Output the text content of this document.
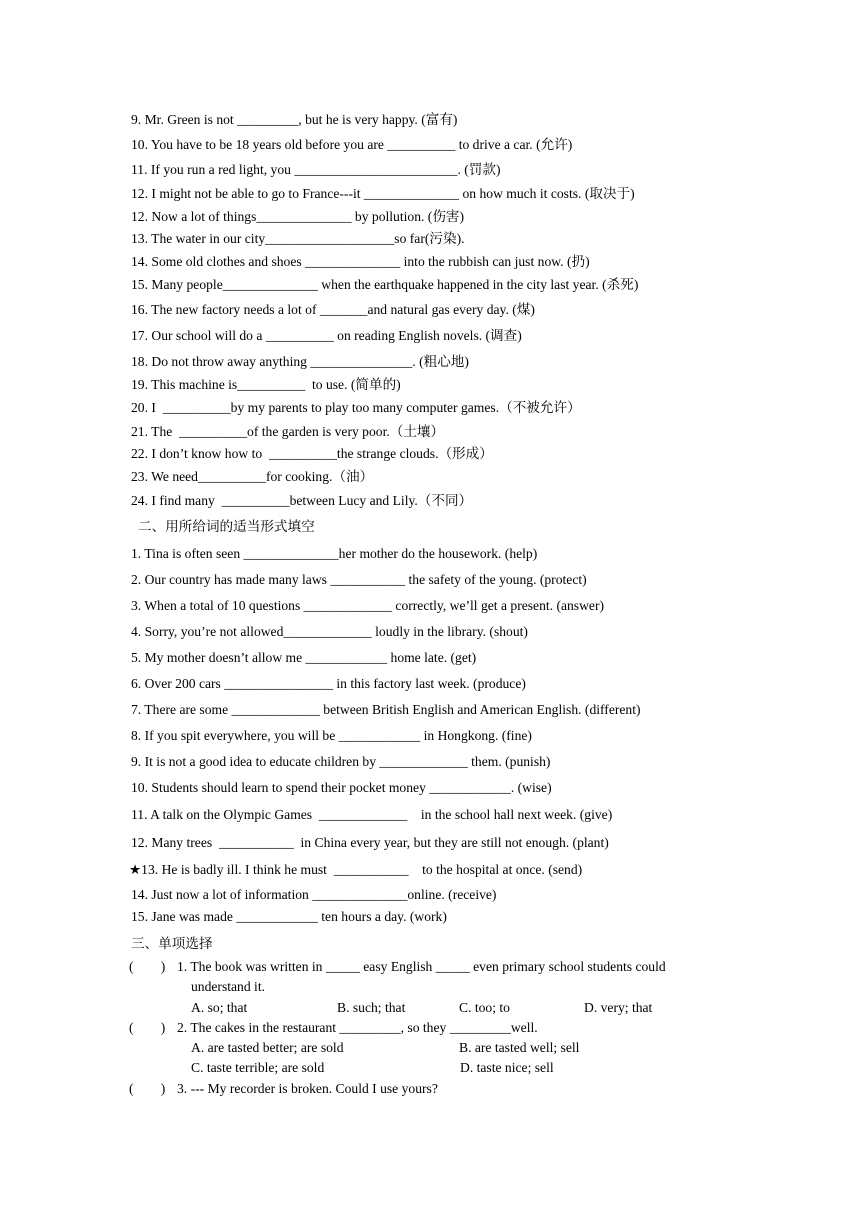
9. Mr. Green is not _________, but he is very happy. (富有)
10. You have to be 18 years old before you are __________ to drive a car. (允许)
11. If you run a red light, you ________________________. (罚款)
12. I might not be able to go to France---it ______________ on how much it costs. (取决于)
12. Now a lot of things______________ by pollution. (伤害)
13. The water in our city___________________so far(污染).
14. Some old clothes and shoes ______________ into the rubbish can just now. (扔)
15. Many people______________ when the earthquake happened in the city last year. (杀死)
16. The new factory needs a lot of _______and natural gas every day. (煤)
17. Our school will do a __________ on reading English novels. (调查)
18. Do not throw away anything _______________. (粗心地)
19. This machine is__________  to use. (简单的)
20. I  __________by my parents to play too many computer games.（不被允许）
21. The  __________of the garden is very poor.（土壤）
22. I don’t know how to  __________the strange clouds.（形成）
23. We need__________for cooking.（油）
24. I find many  __________between Lucy and Lily.（不同）
二、用所给词的适当形式填空
1. Tina is often seen ______________her mother do the housework. (help)
2. Our country has made many laws ___________ the safety of the young. (protect)
3. When a total of 10 questions _____________ correctly, we’ll get a present. (answer)
4. Sorry, you’re not allowed_____________ loudly in the library. (shout)
5. My mother doesn’t allow me ____________ home late. (get)
6. Over 200 cars ________________ in this factory last week. (produce)
7. There are some _____________ between British English and American English. (different)
8. If you spit everywhere, you will be ____________ in Hongkong. (fine)
9. It is not a good idea to educate children by _____________ them. (punish)
10. Students should learn to spend their pocket money ____________. (wise)
11. A talk on the Olympic Games  _____________    in the school hall next week. (give)
12. Many trees  ___________  in China every year, but they are still not enough. (plant)
★13. He is badly ill. I think he must  ___________    to the hospital at once. (send)
14. Just now a lot of information ______________online. (receive)
15. Jane was made ____________ ten hours a day. (work)
三、单项选择
(        ) 1. The book was written in _____ easy English _____ even primary school students could
understand it.
A. so; that	B. such; that	C. too; to	D. very; that
(        ) 2. The cakes in the restaurant _________, so they _________well.
A. are tasted better; are sold	B. are tasted well; sell
C. taste terrible; are sold	D. taste nice; sell
(        ) 3. --- My recorder is broken. Could I use yours?
